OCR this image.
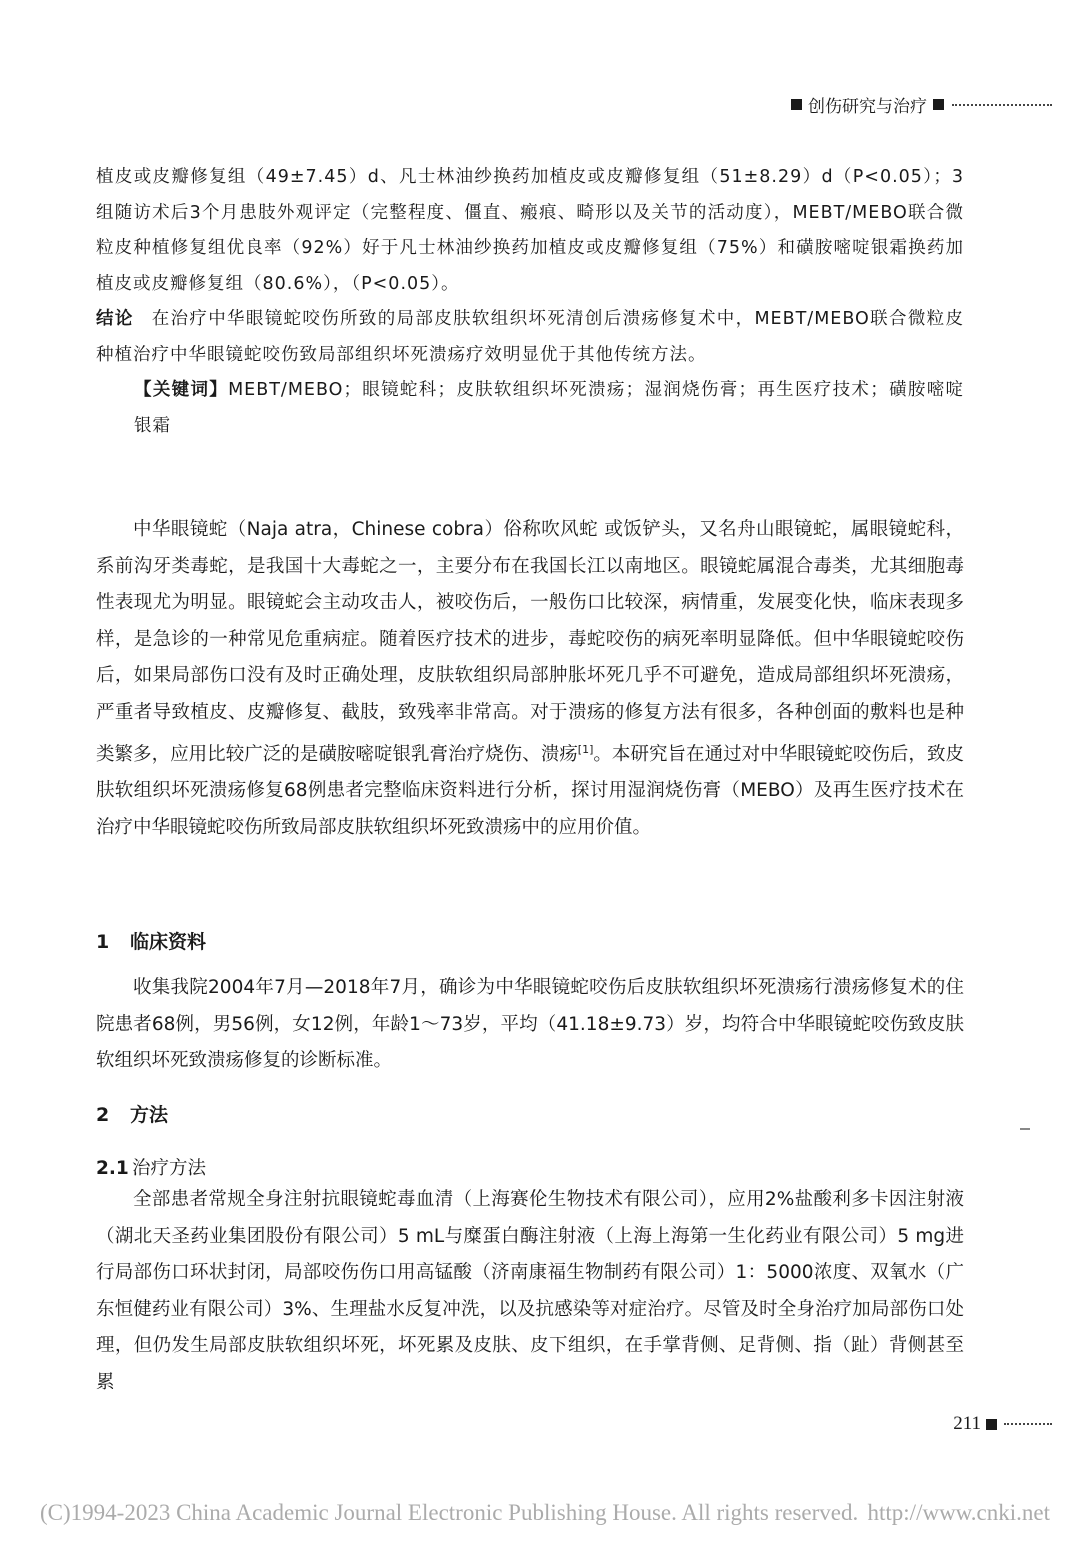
创伤研究与治疗
植皮或皮瓣修复组（49±7.45）d、凡士林油纱换药加植皮或皮瓣修复组（51±8.29）d（P<0.05）；3组随访术后3个月患肢外观评定（完整程度、僵直、瘢痕、畸形以及关节的活动度），MEBT/MEBO联合微粒皮种植修复组优良率（92%）好于凡士林油纱换药加植皮或皮瓣修复组（75%）和磺胺嘧啶银霜换药加植皮或皮瓣修复组（80.6%），（P<0.05）。
结论 在治疗中华眼镜蛇咬伤所致的局部皮肤软组织坏死清创后溃疡修复术中，MEBT/MEBO联合微粒皮种植治疗中华眼镜蛇咬伤致局部组织坏死溃疡疗效明显优于其他传统方法。
【关键词】MEBT/MEBO；眼镜蛇科；皮肤软组织坏死溃疡；湿润烧伤膏；再生医疗技术；磺胺嘧啶银霜

中华眼镜蛇（Naja atra，Chinese cobra）俗称吹风蛇 或饭铲头，又名舟山眼镜蛇，属眼镜蛇科，系前沟牙类毒蛇，是我国十大毒蛇之一，主要分布在我国长江以南地区。眼镜蛇属混合毒类，尤其细胞毒性表现尤为明显。眼镜蛇会主动攻击人，被咬伤后，一般伤口比较深，病情重，发展变化快，临床表现多样，是急诊的一种常见危重病症。随着医疗技术的进步，毒蛇咬伤的病死率明显降低。但中华眼镜蛇咬伤后，如果局部伤口没有及时正确处理，皮肤软组织局部肿胀坏死几乎不可避免，造成局部组织坏死溃疡，严重者导致植皮、皮瓣修复、截肢，致残率非常高。对于溃疡的修复方法有很多，各种创面的敷料也是种类繁多，应用比较广泛的是磺胺嘧啶银乳膏治疗烧伤、溃疡[1]。本研究旨在通过对中华眼镜蛇咬伤后，致皮肤软组织坏死溃疡修复68例患者完整临床资料进行分析，探讨用湿润烧伤膏（MEBO）及再生医疗技术在治疗中华眼镜蛇咬伤所致局部皮肤软组织坏死致溃疡中的应用价值。

1 临床资料

收集我院2004年7月—2018年7月，确诊为中华眼镜蛇咬伤后皮肤软组织坏死溃疡行溃疡修复术的住院患者68例，男56例，女12例，年龄1～73岁，平均（41.18±9.73）岁，均符合中华眼镜蛇咬伤致皮肤软组织坏死致溃疡修复的诊断标准。

2 方法
2.1 治疗方法

全部患者常规全身注射抗眼镜蛇毒血清（上海赛伦生物技术有限公司），应用2%盐酸利多卡因注射液（湖北天圣药业集团股份有限公司）5 mL与糜蛋白酶注射液（上海上海第一生化药业有限公司）5 mg进行局部伤口环状封闭，局部咬伤伤口用高锰酸（济南康福生物制药有限公司）1：5000浓度、双氧水（广东恒健药业有限公司）3%、生理盐水反复冲洗，以及抗感染等对症治疗。尽管及时全身治疗加局部伤口处理，但仍发生局部皮肤软组织坏死，坏死累及皮肤、皮下组织，在手掌背侧、足背侧、指（趾）背侧甚至累

211
(C)1994-2023 China Academic Journal Electronic Publishing House. All rights reserved. http://www.cnki.net
